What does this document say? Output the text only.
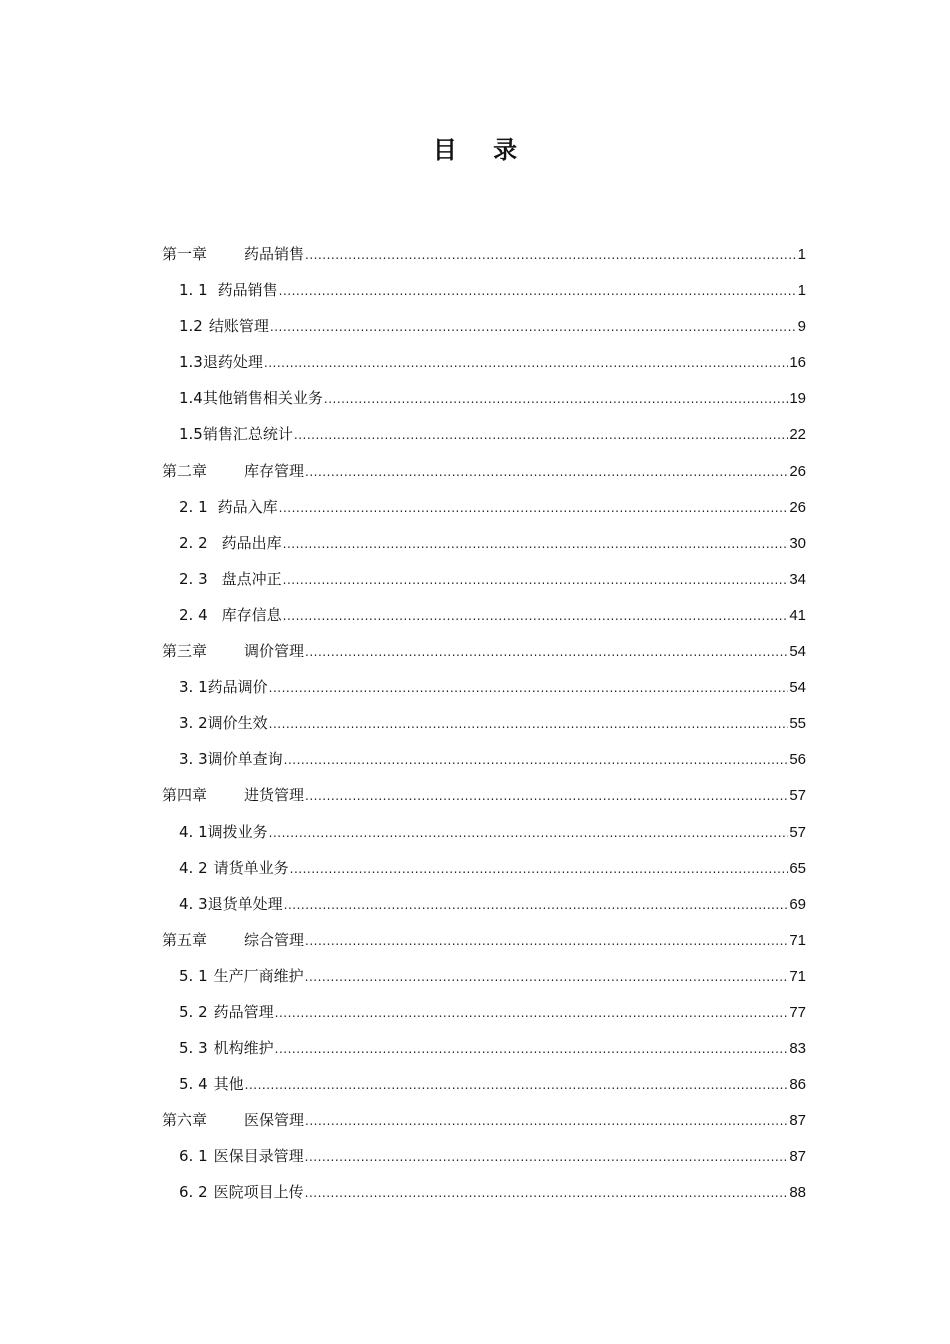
目 录
第一章	药品销售 .....	1
1. 1 药品销售 .....	1
1.2 结账管理 .....	9
1.3 退药处理 .....	16
1.4 其他销售相关业务 .....	19
1.5 销售汇总统计 .....	22
第二章	库存管理 .....	26
2. 1 药品入库 .....	26
2. 2 药品出库 .....	30
2. 3 盘点冲正 .....	34
2. 4 库存信息 .....	41
第三章	调价管理 .....	54
3. 1 药品调价 .....	54
3. 2 调价生效 .....	55
3. 3 调价单查询 .....	56
第四章	进货管理 .....	57
4. 1 调拨业务 .....	57
4. 2 请货单业务 .....	65
4. 3 退货单处理 .....	69
第五章	综合管理 .....	71
5. 1 生产厂商维护 .....	71
5. 2 药品管理 .....	77
5. 3 机构维护 .....	83
5. 4 其他 .....	86
第六章	医保管理 .....	87
6. 1 医保目录管理 .....	87
6. 2 医院项目上传 .....	88
